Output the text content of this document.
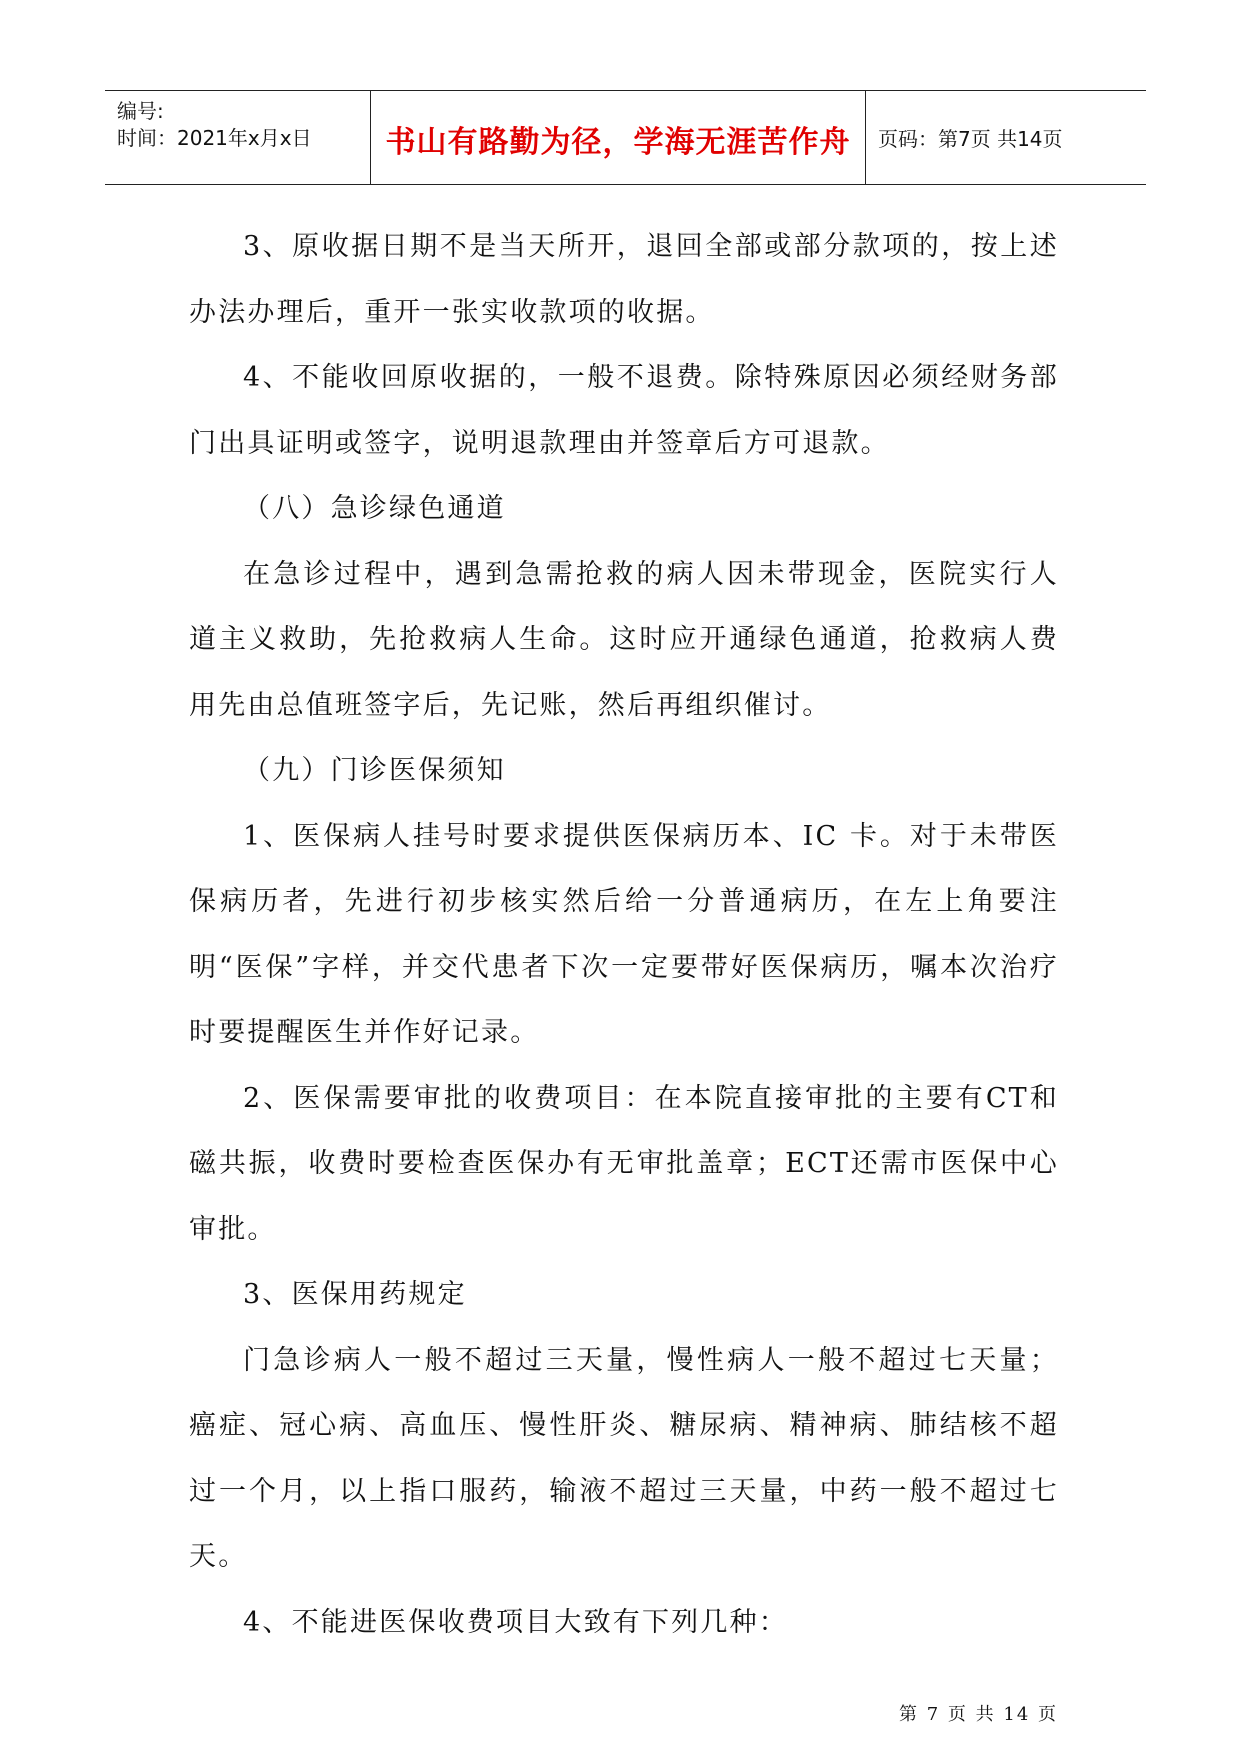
编号:
时间：2021年x月x日	书山有路勤为径，学海无涯苦作舟	页码：第7页 共14页

3、原收据日期不是当天所开，退回全部或部分款项的，按上述办法办理后，重开一张实收款项的收据。

4、不能收回原收据的，一般不退费。除特殊原因必须经财务部门出具证明或签字，说明退款理由并签章后方可退款。

（八）急诊绿色通道

在急诊过程中，遇到急需抢救的病人因未带现金，医院实行人道主义救助，先抢救病人生命。这时应开通绿色通道，抢救病人费用先由总值班签字后，先记账，然后再组织催讨。

（九）门诊医保须知

1、医保病人挂号时要求提供医保病历本、IC 卡。对于未带医保病历者，先进行初步核实然后给一分普通病历，在左上角要注明“医保”字样，并交代患者下次一定要带好医保病历，嘱本次治疗时要提醒医生并作好记录。

2、医保需要审批的收费项目：在本院直接审批的主要有CT和磁共振，收费时要检查医保办有无审批盖章；ECT还需市医保中心审批。

3、医保用药规定

门急诊病人一般不超过三天量，慢性病人一般不超过七天量；癌症、冠心病、高血压、慢性肝炎、糖尿病、精神病、肺结核不超过一个月，以上指口服药，输液不超过三天量，中药一般不超过七天。

4、不能进医保收费项目大致有下列几种：

第 7 页 共 14 页
